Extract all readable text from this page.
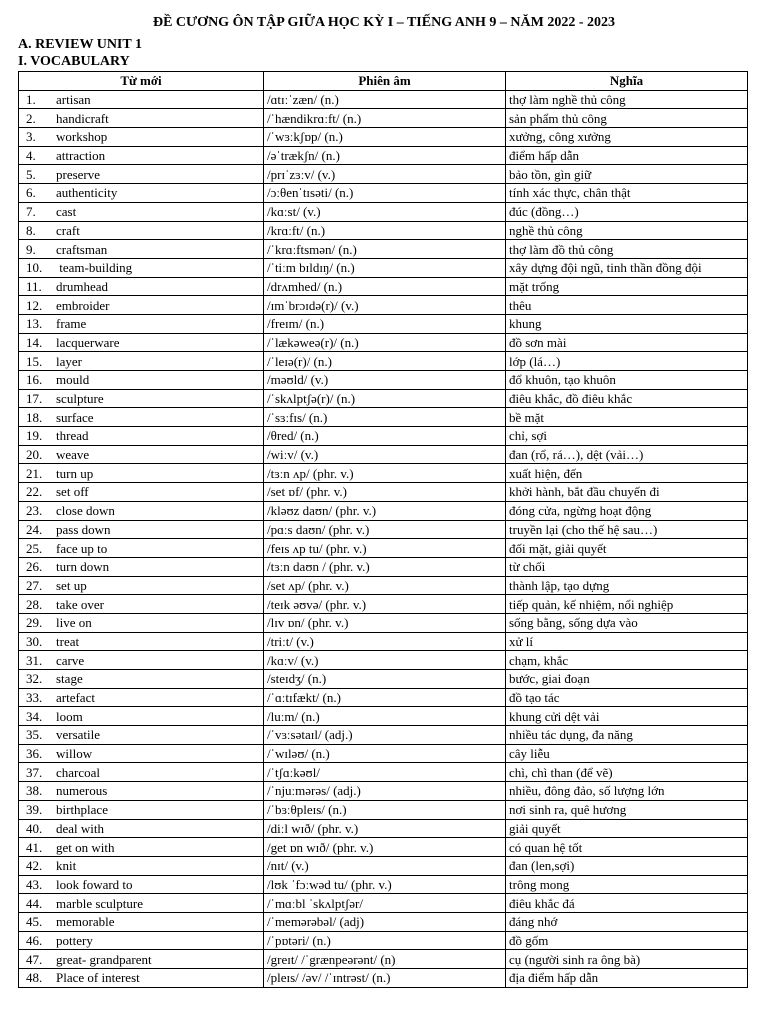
ĐỀ CƯƠNG ÔN TẬP GIỮA HỌC KỲ I – TIẾNG ANH 9 – NĂM 2022 - 2023
A. REVIEW UNIT 1
I. VOCABULARY
Từ mới	Phiên âm	Nghĩa
1. artisan	/ɑtɪːˈzæn/ (n.)	thợ làm nghề thủ công
2. handicraft	/ˈhændikrɑːft/ (n.)	sản phẩm thủ công
3. workshop	/ˈwɜːkʃɒp/ (n.)	xưởng, công xưởng
4. attraction	/əˈtrækʃn/ (n.)	điểm hấp dẫn
5. preserve	/prɪˈzɜːv/ (v.)	bảo tồn, gìn giữ
6. authenticity	/ɔːθenˈtɪsəti/ (n.)	tính xác thực, chân thật
7. cast	/kɑːst/ (v.)	đúc (đồng…)
8. craft	/krɑːft/ (n.)	nghề thủ công
9. craftsman	/ˈkrɑːftsmən/ (n.)	thợ làm đồ thủ công
10. team-building	/ˈtiːm bɪldɪŋ/ (n.)	xây dựng đội ngũ, tinh thần đồng đội
11. drumhead	/drʌmhed/ (n.)	mặt trống
12. embroider	/ɪmˈbrɔɪdə(r)/ (v.)	thêu
13. frame	/freɪm/ (n.)	khung
14. lacquerware	/ˈlækəweə(r)/ (n.)	đồ sơn mài
15. layer	/ˈleɪə(r)/ (n.)	lớp (lá…)
16. mould	/məʊld/ (v.)	đổ khuôn, tạo khuôn
17. sculpture	/ˈskʌlptʃə(r)/ (n.)	điêu khắc, đồ điêu khắc
18. surface	/ˈsɜːfɪs/ (n.)	bề mặt
19. thread	/θred/ (n.)	chỉ, sợi
20. weave	/wiːv/ (v.)	đan (rổ, rá…), dệt (vải…)
21. turn up	/tɜːn ʌp/ (phr. v.)	xuất hiện, đến
22. set off	/set ɒf/ (phr. v.)	khởi hành, bắt đầu chuyến đi
23. close down	/kləʊz daʊn/ (phr. v.)	đóng cửa, ngừng hoạt động
24. pass down	/pɑːs daʊn/ (phr. v.)	truyền lại (cho thế hệ sau…)
25. face up to	/feɪs ʌp tu/ (phr. v.)	đối mặt, giải quyết
26. turn down	/tɜːn daʊn / (phr. v.)	từ chối
27. set up	/set ʌp/ (phr. v.)	thành lập, tạo dựng
28. take over	/teɪk əʊvə/ (phr. v.)	tiếp quản, kế nhiệm, nối nghiệp
29. live on	/lɪv ɒn/ (phr. v.)	sống bằng, sống dựa vào
30. treat	/triːt/ (v.)	xử lí
31. carve	/kɑːv/ (v.)	chạm, khắc
32. stage	/steɪdʒ/ (n.)	bước, giai đoạn
33. artefact	/ˈɑːtɪfækt/ (n.)	đồ tạo tác
34. loom	/luːm/ (n.)	khung cửi dệt vải
35. versatile	/ˈvɜːsətaɪl/ (adj.)	nhiều tác dụng, đa năng
36. willow	/ˈwɪləʊ/ (n.)	cây liễu
37. charcoal	/ˈtʃɑːkəʊl/	chì, chì than (để vẽ)
38. numerous	/ˈnjuːmərəs/ (adj.)	nhiều, đông đảo, số lượng lớn
39. birthplace	/ˈbɜːθpleɪs/ (n.)	nơi sinh ra, quê hương
40. deal with	/diːl wɪð/ (phr. v.)	giải quyết
41. get on with	/get ɒn wɪð/ (phr. v.)	có quan hệ tốt
42. knit	/nɪt/ (v.)	đan (len,sợi)
43. look foward to	/lʊk ˈfɔːwəd tu/ (phr. v.)	trông mong
44. marble sculpture	/ˈmɑːbl ˈskʌlptʃər/	điêu khắc đá
45. memorable	/ˈmemərəbəl/ (adj)	đáng nhớ
46. pottery	/ˈpɒtəri/ (n.)	đồ gốm
47. great- grandparent	/greɪt/ /ˈgrænpeərənt/ (n)	cụ (người sinh ra ông bà)
48. Place of interest	/pleɪs/ /əv/ /ˈɪntrəst/ (n.)	địa điểm hấp dẫn
